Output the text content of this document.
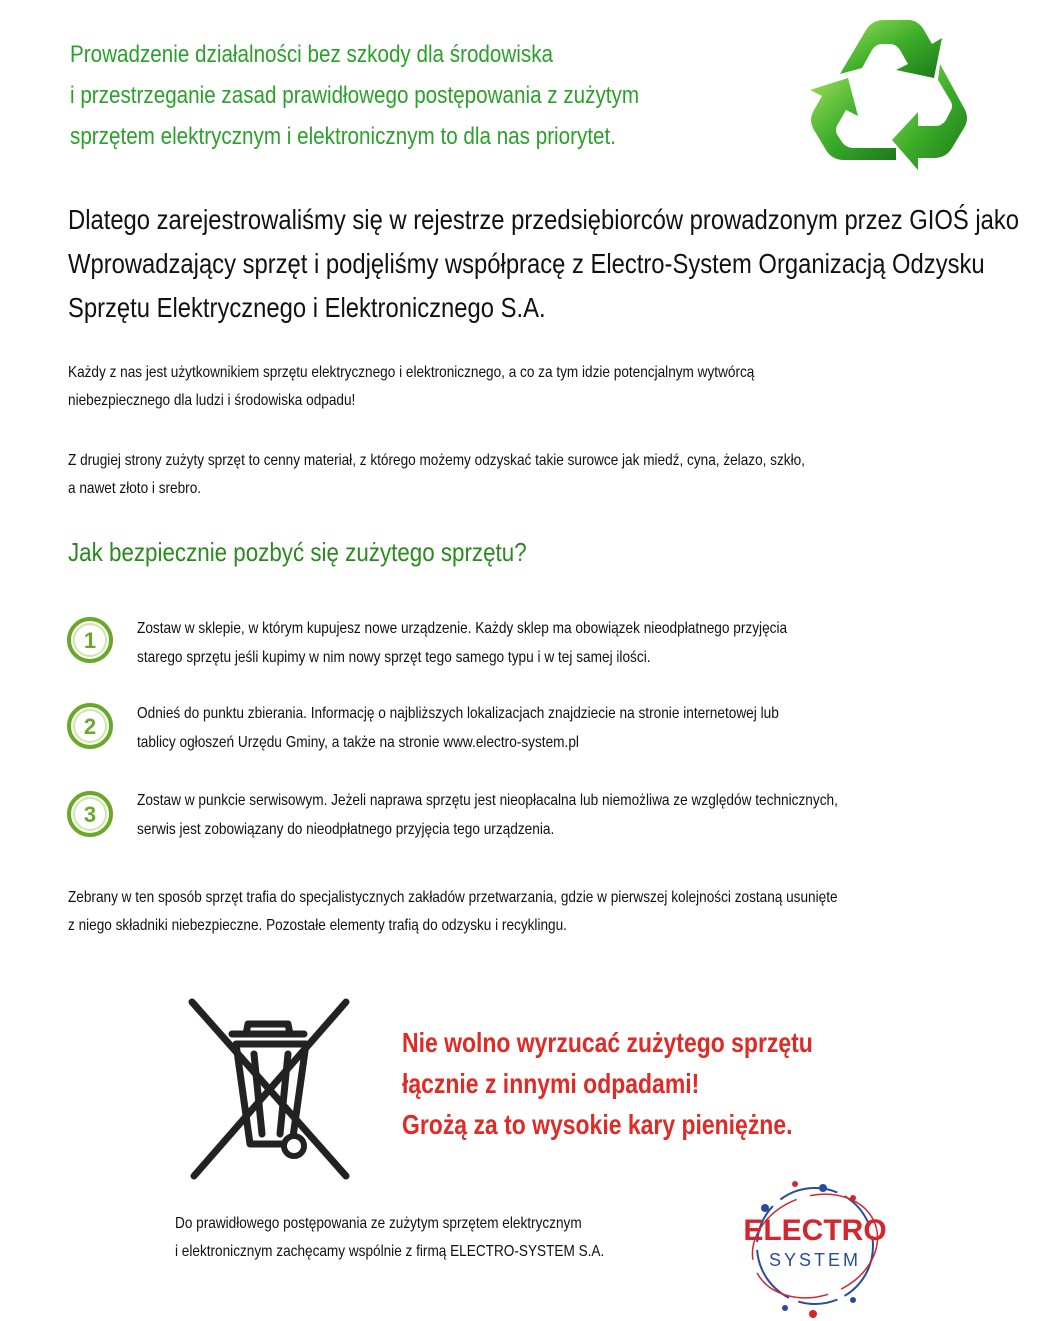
Prowadzenie działalności bez szkody dla środowiska
i przestrzeganie zasad prawidłowego postępowania z zużytym
sprzętem elektrycznym i elektronicznym to dla nas priorytet.
Dlatego zarejestrowaliśmy się w rejestrze przedsiębiorców prowadzonym przez GIOŚ jako
Wprowadzający sprzęt i podjęliśmy współpracę z Electro-System Organizacją Odzysku
Sprzętu Elektrycznego i Elektronicznego S.A.
Każdy z nas jest użytkownikiem sprzętu elektrycznego i elektronicznego, a co za tym idzie potencjalnym wytwórcą
niebezpiecznego dla ludzi i środowiska odpadu!
Z drugiej strony zużyty sprzęt to cenny materiał, z którego możemy odzyskać takie surowce jak miedź, cyna, żelazo, szkło,
a nawet złoto i srebro.
Jak bezpiecznie pozbyć się zużytego sprzętu?
1	Zostaw w sklepie, w którym kupujesz nowe urządzenie. Każdy sklep ma obowiązek nieodpłatnego przyjęcia
starego sprzętu jeśli kupimy w nim nowy sprzęt tego samego typu i w tej samej ilości.
2
Odnieś do punktu zbierania. Informację o najbliższych lokalizacjach znajdziecie na stronie internetowej lub
tablicy ogłoszeń Urzędu Gminy, a także na stronie www.electro-system.pl
3
Zostaw w punkcie serwisowym. Jeżeli naprawa sprzętu jest nieopłacalna lub niemożliwa ze względów technicznych,
serwis jest zobowiązany do nieodpłatnego przyjęcia tego urządzenia.
Zebrany w ten sposób sprzęt trafia do specjalistycznych zakładów przetwarzania, gdzie w pierwszej kolejności zostaną usunięte
z niego składniki niebezpieczne. Pozostałe elementy trafią do odzysku i recyklingu.
Nie wolno wyrzucać zużytego sprzętu
łącznie z innymi odpadami!
Grożą za to wysokie kary pieniężne.
Do prawidłowego postępowania ze zużytym sprzętem elektrycznym
i elektronicznym zachęcamy wspólnie z firmą ELECTRO-SYSTEM S.A.
ELECTRO
SYSTEM
